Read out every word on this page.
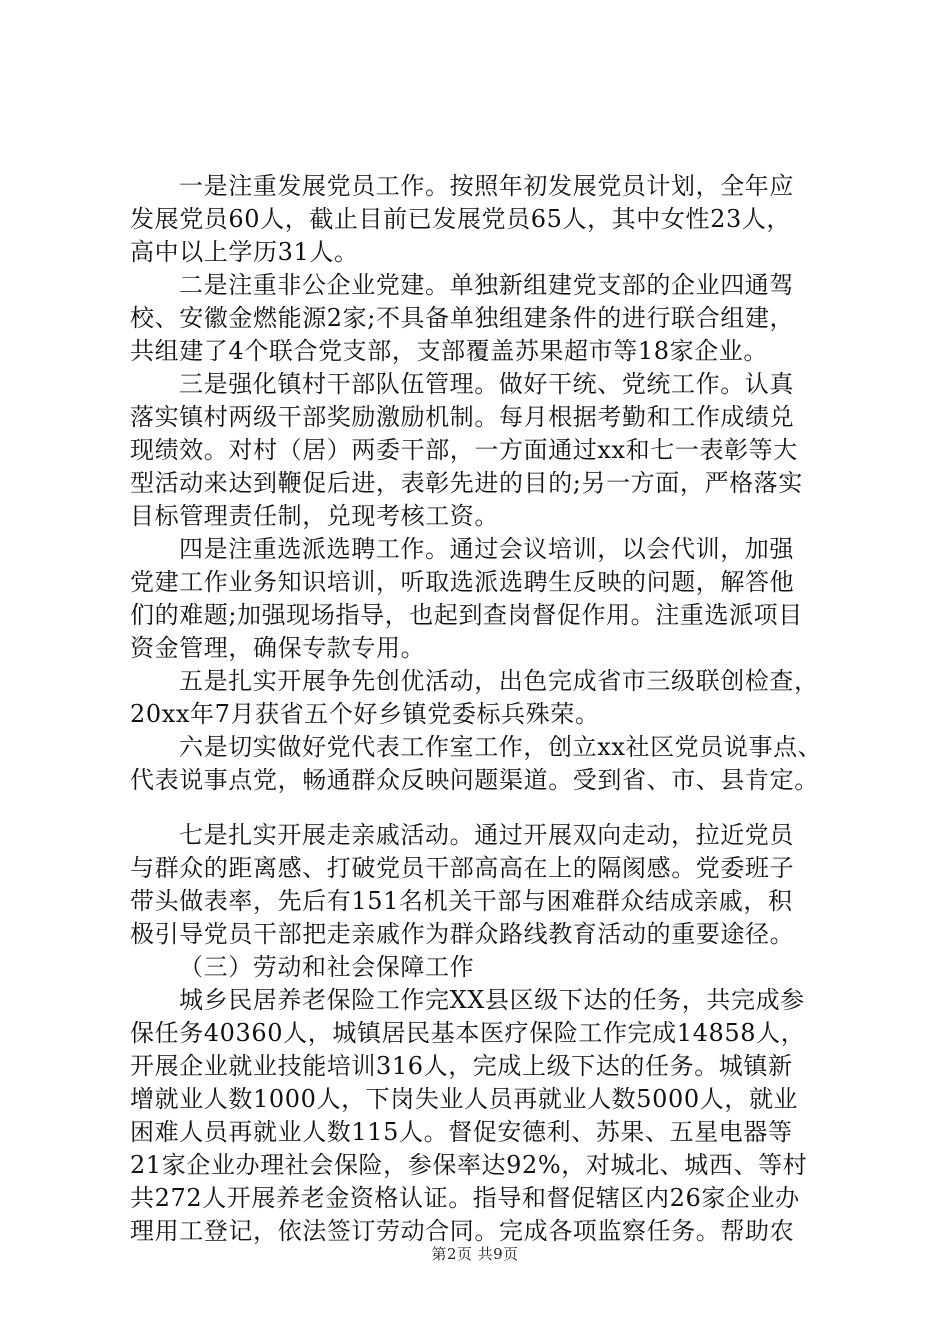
一是注重发展党员工作。按照年初发展党员计划，全年应
发展党员60人，截止目前已发展党员65人，其中女性23人，
高中以上学历31人。
二是注重非公企业党建。单独新组建党支部的企业四通驾
校、安徽金燃能源2家;不具备单独组建条件的进行联合组建，
共组建了4个联合党支部，支部覆盖苏果超市等18家企业。
三是强化镇村干部队伍管理。做好干统、党统工作。认真
落实镇村两级干部奖励激励机制。每月根据考勤和工作成绩兑
现绩效。对村（居）两委干部，一方面通过xx和七一表彰等大
型活动来达到鞭促后进，表彰先进的目的;另一方面，严格落实
目标管理责任制，兑现考核工资。
四是注重选派选聘工作。通过会议培训，以会代训，加强
党建工作业务知识培训，听取选派选聘生反映的问题，解答他
们的难题;加强现场指导，也起到查岗督促作用。注重选派项目
资金管理，确保专款专用。
五是扎实开展争先创优活动，出色完成省市三级联创检查，
20xx年7月获省五个好乡镇党委标兵殊荣。
六是切实做好党代表工作室工作，创立xx社区党员说事点、
代表说事点党，畅通群众反映问题渠道。受到省、市、县肯定。
七是扎实开展走亲戚活动。通过开展双向走动，拉近党员
与群众的距离感、打破党员干部高高在上的隔阂感。党委班子
带头做表率，先后有151名机关干部与困难群众结成亲戚，积
极引导党员干部把走亲戚作为群众路线教育活动的重要途径。
（三）劳动和社会保障工作
城乡民居养老保险工作完XX县区级下达的任务，共完成参
保任务40360人，城镇居民基本医疗保险工作完成14858人，
开展企业就业技能培训316人，完成上级下达的任务。城镇新
增就业人数1000人，下岗失业人员再就业人数5000人，就业
困难人员再就业人数115人。督促安德利、苏果、五星电器等
21家企业办理社会保险，参保率达92%，对城北、城西、等村
共272人开展养老金资格认证。指导和督促辖区内26家企业办
理用工登记，依法签订劳动合同。完成各项监察任务。帮助农
第2页 共9页
